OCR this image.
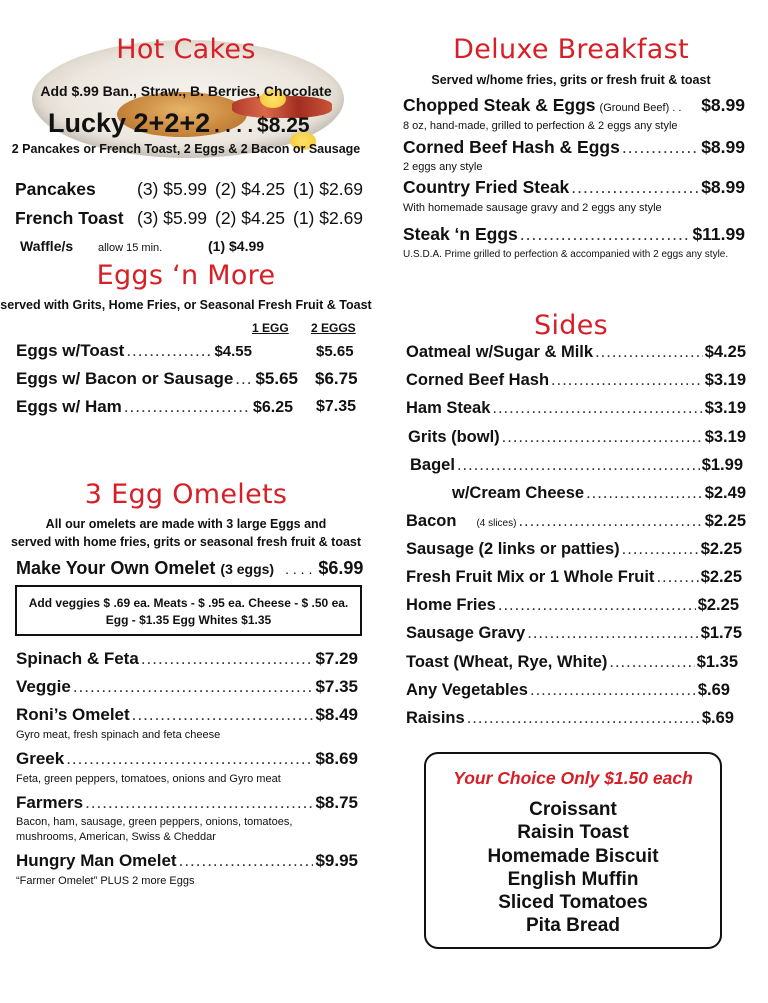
Hot Cakes
Add $.99 Ban., Straw., B. Berries, Chocolate
Lucky 2+2+2 . . . . $8.25
2 Pancakes or French Toast, 2 Eggs & 2 Bacon or Sausage
Pancakes (3) $5.99 (2) $4.25 (1) $2.69
French Toast (3) $5.99 (2) $4.25 (1) $2.69
Waffle/s allow 15 min.	(1) $4.99
Eggs ‘n More
served with Grits, Home Fries, or Seasonal Fresh Fruit & Toast
1 EGG 2 EGGS
Eggs w/Toast .....	$4.55	$5.65
Eggs w/ Bacon or Sausage ..... $5.65 $6.75
Eggs w/ Ham .....	$6.25 $7.35
3 Egg Omelets
All our omelets are made with 3 large Eggs and
served with home fries, grits or seasonal fresh fruit & toast
Make Your Own Omelet (3 eggs) . . . . $6.99
Add veggies $ .69 ea. Meats - $ .95 ea. Cheese - $ .50 ea.
Egg - $1.35 Egg Whites $1.35
Spinach & Feta .....	$7.29
Veggie .....	$7.35
Roni’s Omelet .....	$8.49
Gyro meat, fresh spinach and feta cheese
Greek .....	$8.69
Feta, green peppers, tomatoes, onions and Gyro meat
Farmers .....	$8.75
Bacon, ham, sausage, green peppers, onions, tomatoes,
mushrooms, American, Swiss & Cheddar
Hungry Man Omelet .....	$9.95
“Farmer Omelet” PLUS 2 more Eggs
Deluxe Breakfast
Served w/home fries, grits or fresh fruit & toast
Chopped Steak & Eggs (Ground Beef) . . $8.99
8 oz, hand-made, grilled to perfection & 2 eggs any style
Corned Beef Hash & Eggs .....	$8.99
2 eggs any style
Country Fried Steak .....	$8.99
With homemade sausage gravy and 2 eggs any style
Steak ‘n Eggs .....	$11.99
U.S.D.A. Prime grilled to perfection & accompanied with 2 eggs any style.
Sides
Oatmeal w/Sugar & Milk .....	$4.25
Corned Beef Hash .....	$3.19
Ham Steak .....	$3.19
Grits (bowl) .....	$3.19
Bagel .....	$1.99
w/Cream Cheese .....	$2.49
Bacon (4 slices) .....	$2.25
Sausage (2 links or patties) .....	$2.25
Fresh Fruit Mix or 1 Whole Fruit .....	$2.25
Home Fries .....	$2.25
Sausage Gravy .....	$1.75
Toast (Wheat, Rye, White) .....	$1.35
Any Vegetables .....	$.69
Raisins .....	$.69
Your Choice Only $1.50 each
Croissant
Raisin Toast
Homemade Biscuit
English Muffin
Sliced Tomatoes
Pita Bread
